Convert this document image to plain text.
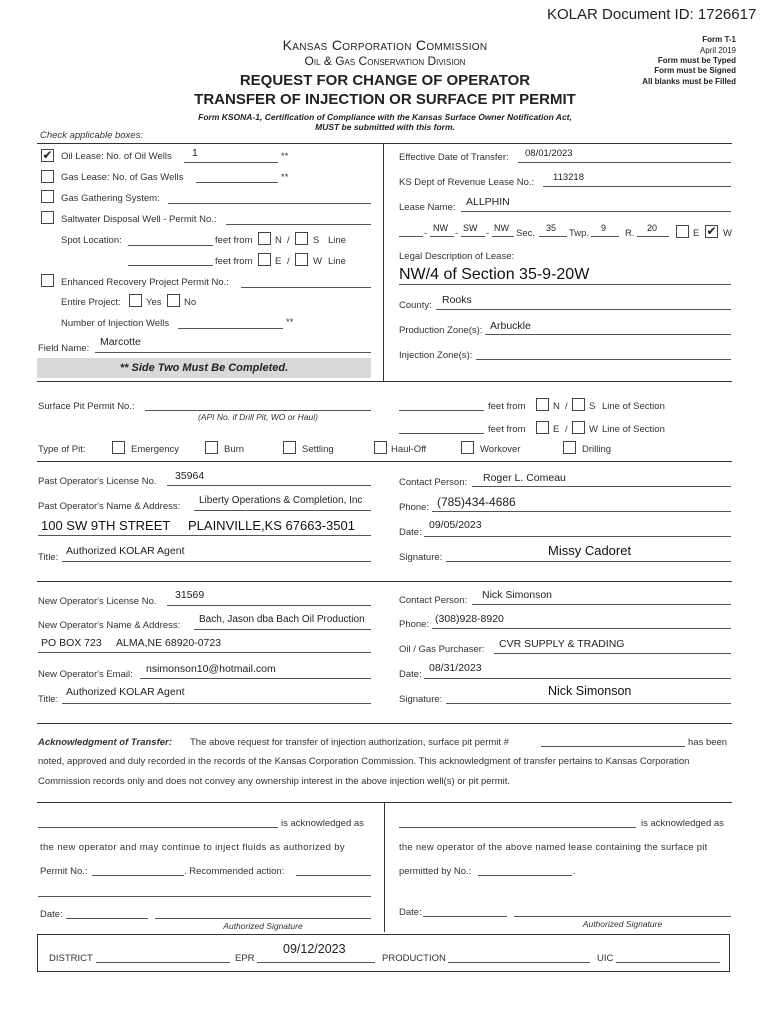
KOLAR Document ID: 1726617
Kansas Corporation Commission
Oil & Gas Conservation Division
REQUEST FOR CHANGE OF OPERATOR
TRANSFER OF INJECTION OR SURFACE PIT PERMIT
Form T-1
April 2019
Form must be Typed
Form must be Signed
All blanks must be Filled
Form KSONA-1, Certification of Compliance with the Kansas Surface Owner Notification Act,
MUST be submitted with this form.
Check applicable boxes:
✔ Oil Lease: No. of Oil Wells 1	**
Gas Lease: No. of Gas Wells	**
Gas Gathering System:
Saltwater Disposal Well - Permit No.:
Spot Location:	feet from N / S Line
feet from E / W Line
Enhanced Recovery Project Permit No.:
Entire Project:	Yes No
Number of Injection Wells	**
Field Name:
Marcotte
** Side Two Must Be Completed.
Effective Date of Transfer: 08/01/2023
KS Dept of Revenue Lease No.: 113218
Lease Name: ALLPHIN
- NW - SW - NW Sec. 35 Twp. 9 R. 20	E ✔ W
Legal Description of Lease:
NW/4 of Section 35-9-20W
County: Rooks
Production Zone(s): Arbuckle
Injection Zone(s):
Surface Pit Permit No.:
(API No. if Drill Pit, WO or Haul)
feet from	N / S Line of Section
feet from	E / W Line of Section
Type of Pit:	Emergency	Burn	Settling	Haul-Off	Workover	Drilling
Past Operator's License No. 35964
Past Operator's Name & Address:
Liberty Operations & Completion, Inc
100 SW 9TH STREET PLAINVILLE,KS 67663-3501
Title:
Authorized KOLAR Agent
Contact Person: Roger L. Comeau
Phone: (785)434-4686
Date:
09/05/2023
Signature:	Missy Cadoret
New Operator's License No.
31569
New Operator's Name & Address:
Bach, Jason dba Bach Oil Production
PO BOX 723 ALMA,NE 68920-0723
New Operator's Email: nsimonson10@hotmail.com
Title:
Authorized KOLAR Agent
Contact Person: Nick Simonson
Phone: (308)928-8920
Oil / Gas Purchaser: CVR SUPPLY & TRADING
Date:
08/31/2023
Signature:
Nick Simonson
Acknowledgment of Transfer: The above request for transfer of injection authorization, surface pit permit #	has been
noted, approved and duly recorded in the records of the Kansas Corporation Commission. This acknowledgment of transfer pertains to Kansas Corporation
Commission records only and does not convey any ownership interest in the above injection well(s) or pit permit.
is acknowledged as
the new operator and may continue to inject fluids as authorized by
Permit No.:	. Recommended action:
Date:
Authorized Signature
is acknowledged as
the new operator of the above named lease containing the surface pit
permitted by No.:	.
Date:
Authorized Signature
DISTRICT	EPR
09/12/2023
PRODUCTION	UIC
